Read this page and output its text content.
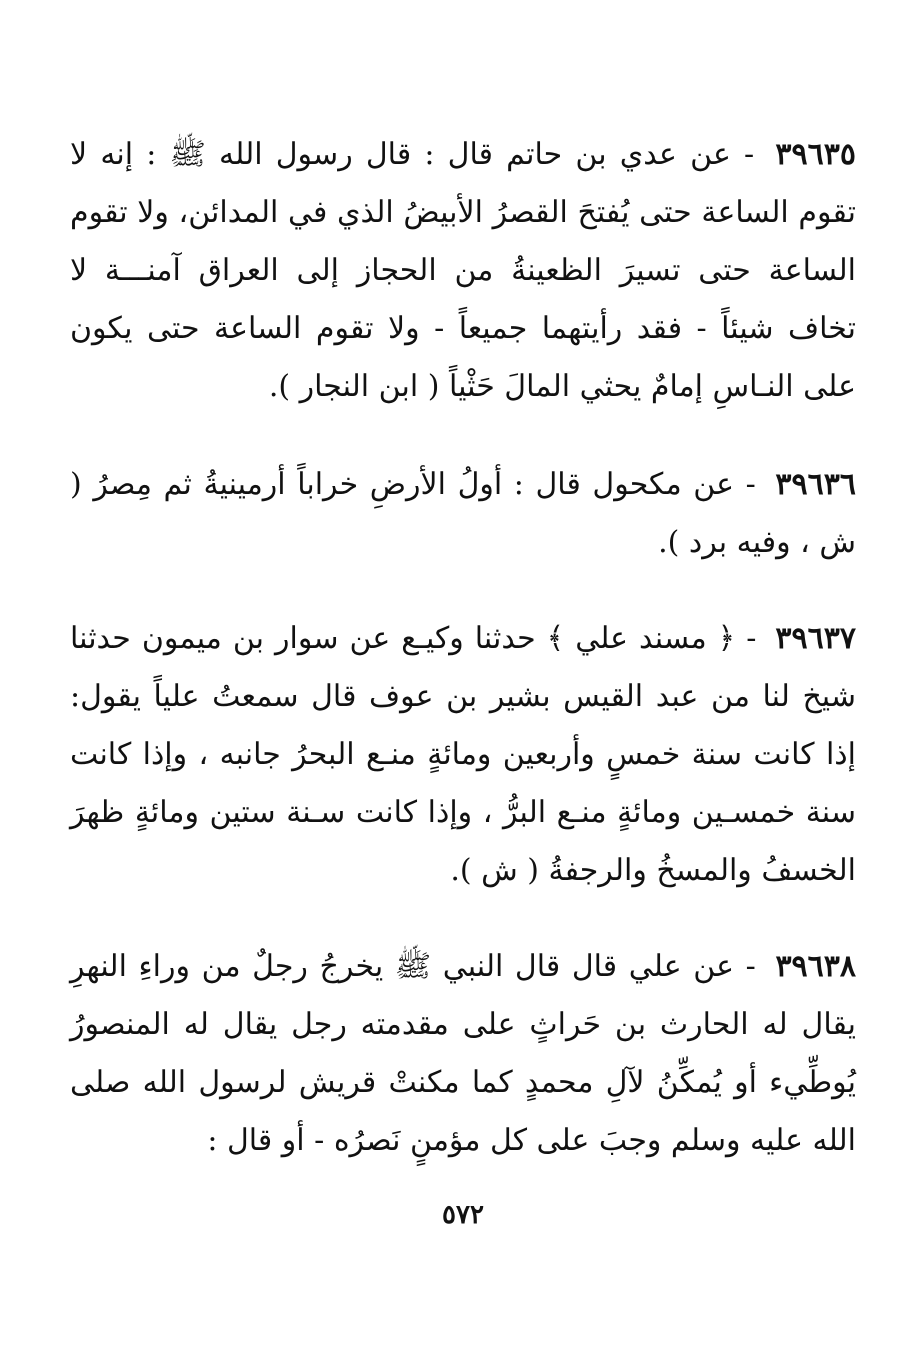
٣٩٦٣٥ - عن عدي بن حاتم قال : قال رسول الله ﷺ : إنه لا تقوم الساعة حتى يُفتحَ القصرُ الأبيضُ الذي في المدائن، ولا تقوم الساعة حتى تسيرَ الظعينةُ من الحجاز إلى العراق آمنـــة لا تخاف شيئاً - فقد رأيتهما جميعاً - ولا تقوم الساعة حتى يكون على النـاسِ إمامٌ يحثي المالَ حَثْياً ( ابن النجار ).

٣٩٦٣٦ - عن مكحول قال : أولُ الأرضِ خراباً أرمينيةُ ثم مِصرُ ( ش ، وفيه برد ).

٣٩٦٣٧ - ﴿ مسند علي ﴾ حدثنا وكيـع عن سوار بن ميمون حدثنا شيخ لنا من عبد القيس بشير بن عوف قال سمعتُ علياً يقول: إذا كانت سنة خمسٍ وأربعين ومائةٍ منـع البحرُ جانبه ، وإذا كانت سنة خمسـين ومائةٍ منـع البرُّ ، وإذا كانت سـنة ستين ومائةٍ ظهرَ الخسفُ والمسخُ والرجفةُ ( ش ).

٣٩٦٣٨ - عن علي قال قال النبي ﷺ يخرجُ رجلٌ من وراءِ النهرِ يقال له الحارث بن حَراثٍ على مقدمته رجل يقال له المنصورُ يُوطِّيء أو يُمكِّنُ لآلِ محمدٍ كما مكنتْ قريش لرسول الله صلى الله عليه وسلم وجبَ على كل مؤمنٍ نَصرُه - أو قال :

٥٧٢
